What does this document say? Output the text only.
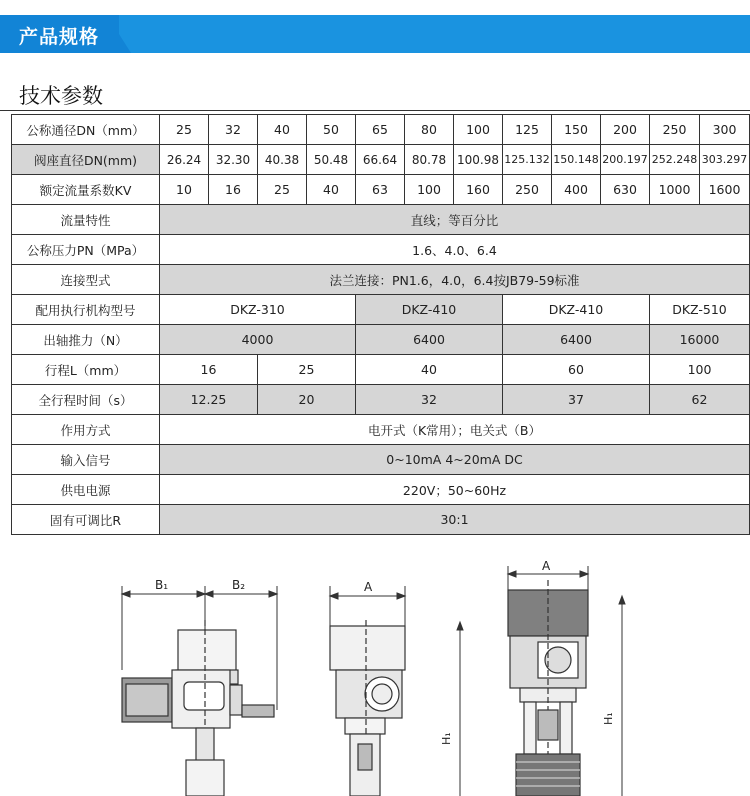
产品规格
技术参数
公称通径DN（mm）	25	32	40	50	65	80	100	125	150	200	250	300
阀座直径DN(mm)	26.24	32.30	40.38	50.48	66.64	80.78	100.98	125.132	150.148	200.197	252.248	303.297
额定流量系数KV	10	16	25	40	63	100	160	250	400	630	1000	1600
流量特性	直线；等百分比											
公称压力PN（MPa）	1.6、4.0、6.4											
连接型式	法兰连接：PN1.6，4.0，6.4按JB79-59标准											
配用执行机构型号	DKZ-310				DKZ-410			DKZ-410			DKZ-510	
出轴推力（N）	4000				6400			6400			16000	
行程L（mm）	16		25		40			60			100	
全行程时间（s）	12.25		20		32			37			62	
作用方式	电开式（K常用）；电关式（B）											
输入信号	0~10mA 4~20mA DC											
供电电源	220V；50~60Hz											
固有可调比R	30:1											
B₁	B₂	A
H₁
A
H₁
